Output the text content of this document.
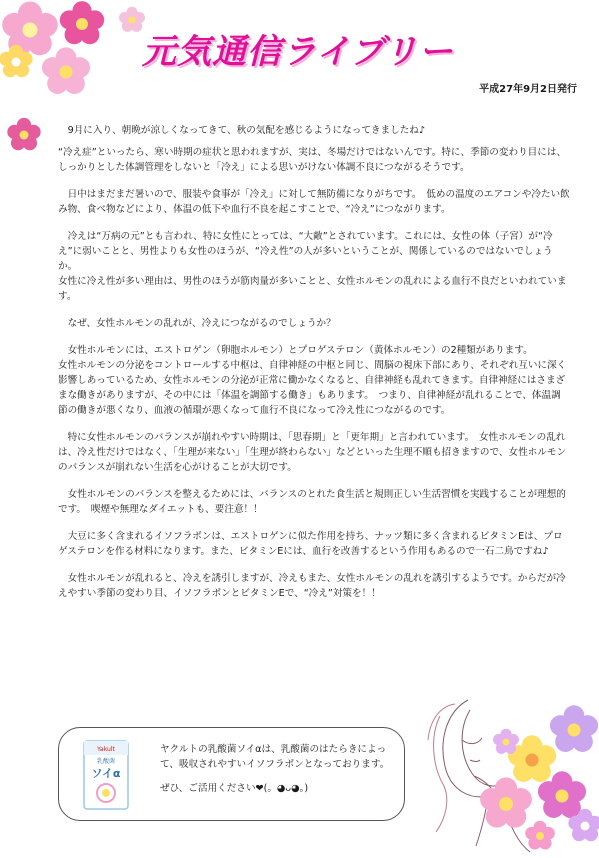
元気通信ライブリー
平成27年9月2日発行

9月に入り、朝晩が涼しくなってきて、秋の気配を感じるようになってきましたね♪

“冷え症”といったら、寒い時期の症状と思われますが、実は、冬場だけではないんです。特に、季節の変わり目には、しっかりとした体調管理をしないと「冷え」による思いがけない体調不良につながるそうです。

日中はまだまだ暑いので、服装や食事が「冷え」に対して無防備になりがちです。　低めの温度のエアコンや冷たい飲み物、食べ物などにより、体温の低下や血行不良を起こすことで、“冷え”につながります。

冷えは“万病の元”とも言われ、特に女性にとっては、“大敵”とされています。これには、女性の体（子宮）が“冷え”に弱いことと、男性よりも女性のほうが、“冷え性”の人が多いということが、関係しているのではないでしょうか。
女性に冷え性が多い理由は、男性のほうが筋肉量が多いことと、女性ホルモンの乱れによる血行不良だといわれています。

なぜ、女性ホルモンの乱れが、冷えにつながるのでしょうか？

女性ホルモンには、エストロゲン（卵胞ホルモン）とプロゲステロン（黄体ホルモン）の2種類があります。
女性ホルモンの分泌をコントロールする中枢は、自律神経の中枢と同じ、間脳の視床下部にあり、それぞれ互いに深く影響しあっているため、女性ホルモンの分泌が正常に働かなくなると、自律神経も乱れてきます。自律神経にはさまざまな働きがありますが、その中には「体温を調節する働き」もあります。　つまり、自律神経が乱れることで、体温調節の働きが悪くなり、血液の循環が悪くなって血行不良になって冷え性につながるのです。

特に女性ホルモンのバランスが崩れやすい時期は、「思春期」と「更年期」と言われています。　女性ホルモンの乱れは、冷え性だけではなく、「生理が来ない」「生理が終わらない」などといった生理不順も招きますので、女性ホルモンのバランスが崩れない生活を心がけることが大切です。

女性ホルモンのバランスを整えるためには、バランスのとれた食生活と規則正しい生活習慣を実践することが理想的です。　喫煙や無理なダイエットも、要注意！！

大豆に多く含まれるイソフラボンは、エストロゲンに似た作用を持ち、ナッツ類に多く含まれるビタミンEは、プロゲステロンを作る材料になります。また、ビタミンEには、血行を改善するという作用もあるので一石二鳥ですね♪

女性ホルモンが乱れると、冷えを誘引しますが、冷えもまた、女性ホルモンの乱れを誘引するようです。からだが冷えやすい季節の変わり目、イソフラボンとビタミンEで、“冷え”対策を！！

Yakult
乳酸菌
ソイα

ヤクルトの乳酸菌ソイαは、乳酸菌のはたらきによって、吸収されやすいイソフラボンとなっております。

ぜひ、ご活用ください❤(。◕ᴗ◕。)
